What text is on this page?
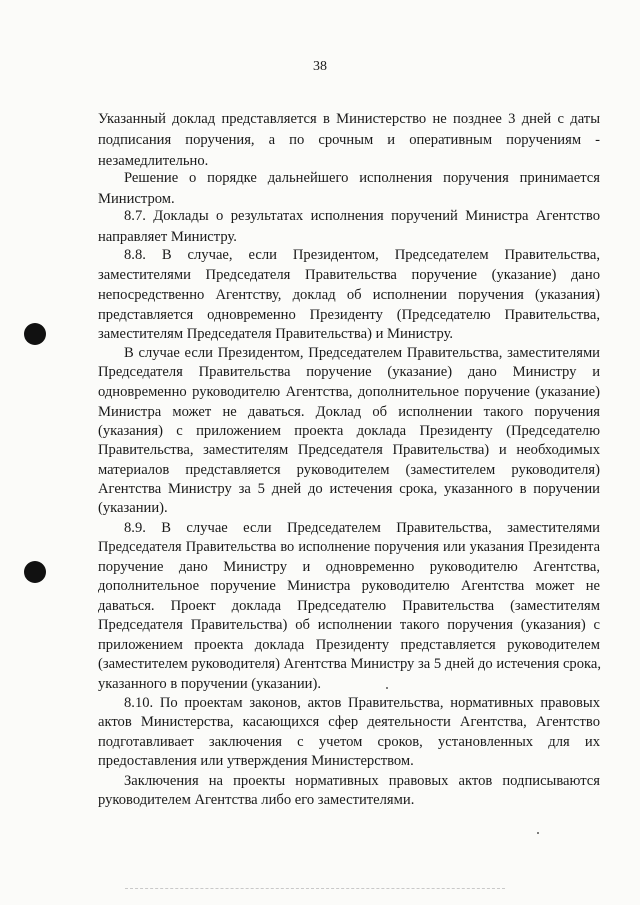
38
Указанный доклад представляется в Министерство не позднее 3 дней с даты
подписания поручения, а по срочным и оперативным поручениям -
незамедлительно.
Решение о порядке дальнейшего исполнения поручения принимается
Министром.
8.7. Доклады о результатах исполнения поручений Министра Агентство
направляет Министру.
8.8. В случае, если Президентом, Председателем Правительства,
заместителями Председателя Правительства поручение (указание) дано
непосредственно Агентству, доклад об исполнении поручения (указания)
представляется одновременно Президенту (Председателю Правительства,
заместителям Председателя Правительства) и Министру.
В случае если Президентом, Председателем Правительства, заместителями
Председателя Правительства поручение (указание) дано Министру и
одновременно руководителю Агентства, дополнительное поручение (указание)
Министра может не даваться. Доклад об исполнении такого поручения
(указания) с приложением проекта доклада Президенту (Председателю
Правительства, заместителям Председателя Правительства) и необходимых
материалов представляется руководителем (заместителем руководителя)
Агентства Министру за 5 дней до истечения срока, указанного в поручении
(указании).
8.9. В случае если Председателем Правительства, заместителями
Председателя Правительства во исполнение поручения или указания Президента
поручение дано Министру и одновременно руководителю Агентства,
дополнительное поручение Министра руководителю Агентства может не
даваться. Проект доклада Председателю Правительства (заместителям
Председателя Правительства) об исполнении такого поручения (указания) с
приложением проекта доклада Президенту представляется руководителем
(заместителем руководителя) Агентства Министру за 5 дней до истечения срока,
указанного в поручении (указании).
8.10. По проектам законов, актов Правительства, нормативных правовых
актов Министерства, касающихся сфер деятельности Агентства, Агентство
подготавливает заключения с учетом сроков, установленных для их
предоставления или утверждения Министерством.
Заключения на проекты нормативных правовых актов подписываются
руководителем Агентства либо его заместителями.
